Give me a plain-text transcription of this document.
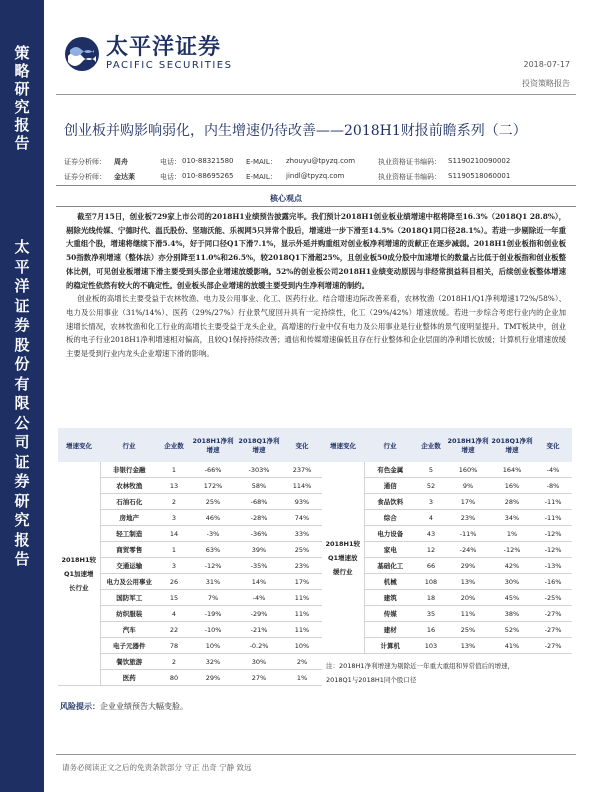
策略研究报告
太平洋证券股份有限公司证券研究报告
太平洋证券
PACIFIC SECURITIES	2018-07-17
投资策略报告
创业板并购影响弱化，内生增速仍待改善——2018H1财报前瞻系列（二）
证券分析师： 周舟	电话： 010-88321580 E-MAIL： zhouyu@tpyzq.com	执业资格证书编码： S1190210090002
证券分析师： 金达莱	电话： 010-88695265 E-MAIL： jindl@tpyzq.com	执业资格证书编码： S1190518060001
核心观点

截至7月15日，创业板729家上市公司的2018H1业绩预告披露完毕。我们预计2018H1创业板业绩增速中枢将降至16.3%（2018Q1 28.8%），剔除光线传媒、宁德时代、温氏股份、坚瑞沃能、乐视网5只异常个股后，增速进一步下滑至14.5%（2018Q1同口径28.1%）。若进一步剔除近一年重大重组个股，增速将继续下滑5.4%，好于同口径Q1下滑7.1%，显示外延并购重组对创业板净利增速的贡献正在逐步减弱。2018H1创业板指和创业板50指数净利增速（整体法）亦分别降至11.0%和26.5%，较2018Q1下滑超25%，且创业板50成分股中加速增长的数量占比低于创业板指和创业板整体比例，可见创业板增速下滑主要受到头部企业增速放缓影响。52%的创业板公司2018H1业绩变动原因与非经常损益科目相关，后续创业板整体增速的稳定性依然有较大的不确定性。创业板头部企业增速的放缓主要受到内生净利增速的制约。

创业板的高增长主要受益于农林牧渔、电力及公用事业、化工、医药行业。结合增速边际改善来看，农林牧渔（2018H1/Q1净利增速172%/58%）、电力及公用事业（31%/14%）、医药（29%/27%）行业景气度回升具有一定持续性，化工（29%/42%）增速放缓。若进一步综合考虑行业内的企业加速增长情况，农林牧渔和化工行业的高增长主要受益于龙头企业，高增速的行业中仅有电力及公用事业是行业整体的景气度明显提升。TMT板块中，创业板的电子行业2018H1净利增速相对偏高，且较Q1保持持续改善；通信和传媒增速偏低且存在行业整体和企业层面的净利增长放缓；计算机行业增速放缓主要是受到行业内龙头企业增速下滑的影响。

增速变化	行业	企业数	2018H1净利增速	2018Q1净利增速	变化
2018H1较Q1加速增长行业	非银行金融	1	-66%	-303%	237%
	农林牧渔	13	172%	58%	114%
	石油石化	2	25%	-68%	93%
	房地产	3	46%	-28%	74%
	轻工制造	14	-3%	-36%	33%
	商贸零售	1	63%	39%	25%
	交通运输	3	-12%	-35%	23%
	电力及公用事业	26	31%	14%	17%
	国防军工	15	7%	-4%	11%
	纺织服装	4	-19%	-29%	11%
	汽车	22	-10%	-21%	11%
	电子元器件	78	10%	-0.2%	10%
	餐饮旅游	2	32%	30%	2%
	医药	80	29%	27%	1%
增速变化	行业	企业数	2018H1净利增速	2018Q1净利增速	变化
2018H1较Q1增速放缓行业	有色金属	5	160%	164%	-4%
	通信	52	9%	16%	-8%
	食品饮料	3	17%	28%	-11%
	综合	4	23%	34%	-11%
	电力设备	43	-11%	1%	-12%
	家电	12	-24%	-12%	-12%
	基础化工	66	29%	42%	-13%
	机械	108	13%	30%	-16%
	建筑	18	20%	45%	-25%
	传媒	35	11%	38%	-27%
	建材	16	25%	52%	-27%
	计算机	103	13%	41%	-27%

注：2018H1净利增速为剔除近一年重大重组和异常值后的增速，
2018Q1与2018H1同个股口径					
风险提示：企业业绩预告大幅变脸。
请务必阅读正文之后的免责条款部分 守正 出奇 宁静 致远
